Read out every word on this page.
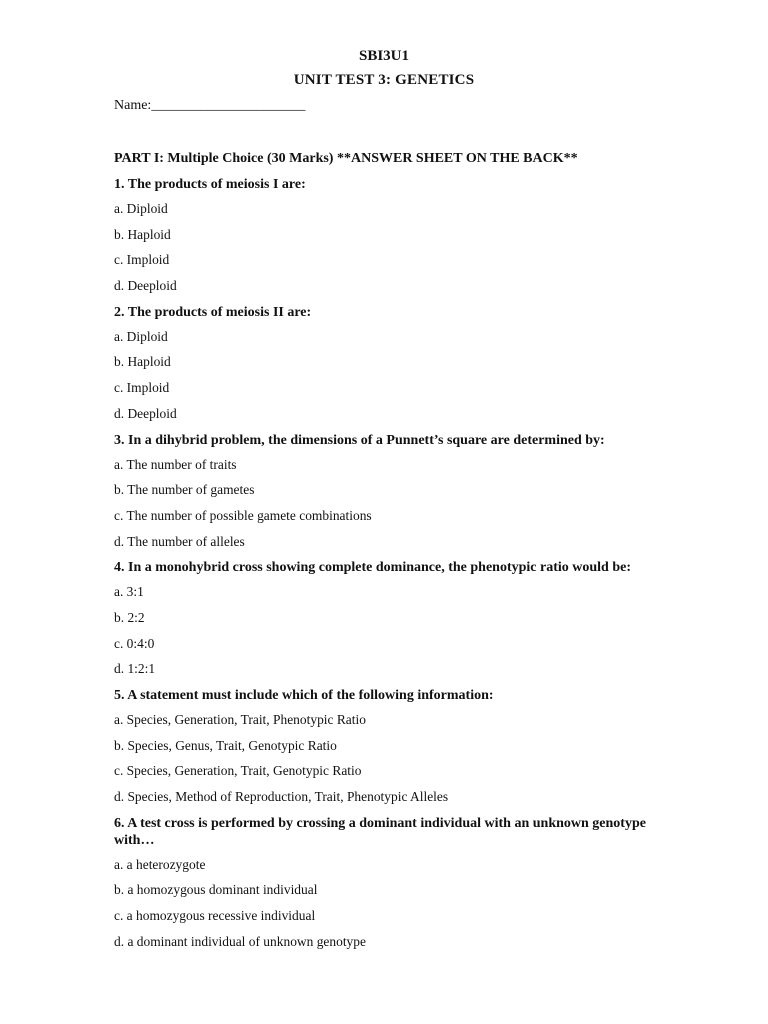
SBI3U1
UNIT TEST 3: GENETICS
Name:______________________
PART I: Multiple Choice (30 Marks) **ANSWER SHEET ON THE BACK**
1. The products of meiosis I are:
a. Diploid
b. Haploid
c. Imploid
d. Deeploid
2. The products of meiosis II are:
a. Diploid
b. Haploid
c. Imploid
d. Deeploid
3. In a dihybrid problem, the dimensions of a Punnett’s square are determined by:
a. The number of traits
b. The number of gametes
c. The number of possible gamete combinations
d. The number of alleles
4. In a monohybrid cross showing complete dominance, the phenotypic ratio would be:
a. 3:1
b. 2:2
c. 0:4:0
d. 1:2:1
5. A statement must include which of the following information:
a. Species, Generation, Trait, Phenotypic Ratio
b. Species, Genus, Trait, Genotypic Ratio
c. Species, Generation, Trait, Genotypic Ratio
d. Species, Method of Reproduction, Trait, Phenotypic Alleles
6. A test cross is performed by crossing a dominant individual with an unknown genotype with…
a. a heterozygote
b. a homozygous dominant individual
c. a homozygous recessive individual
d. a dominant individual of unknown genotype
